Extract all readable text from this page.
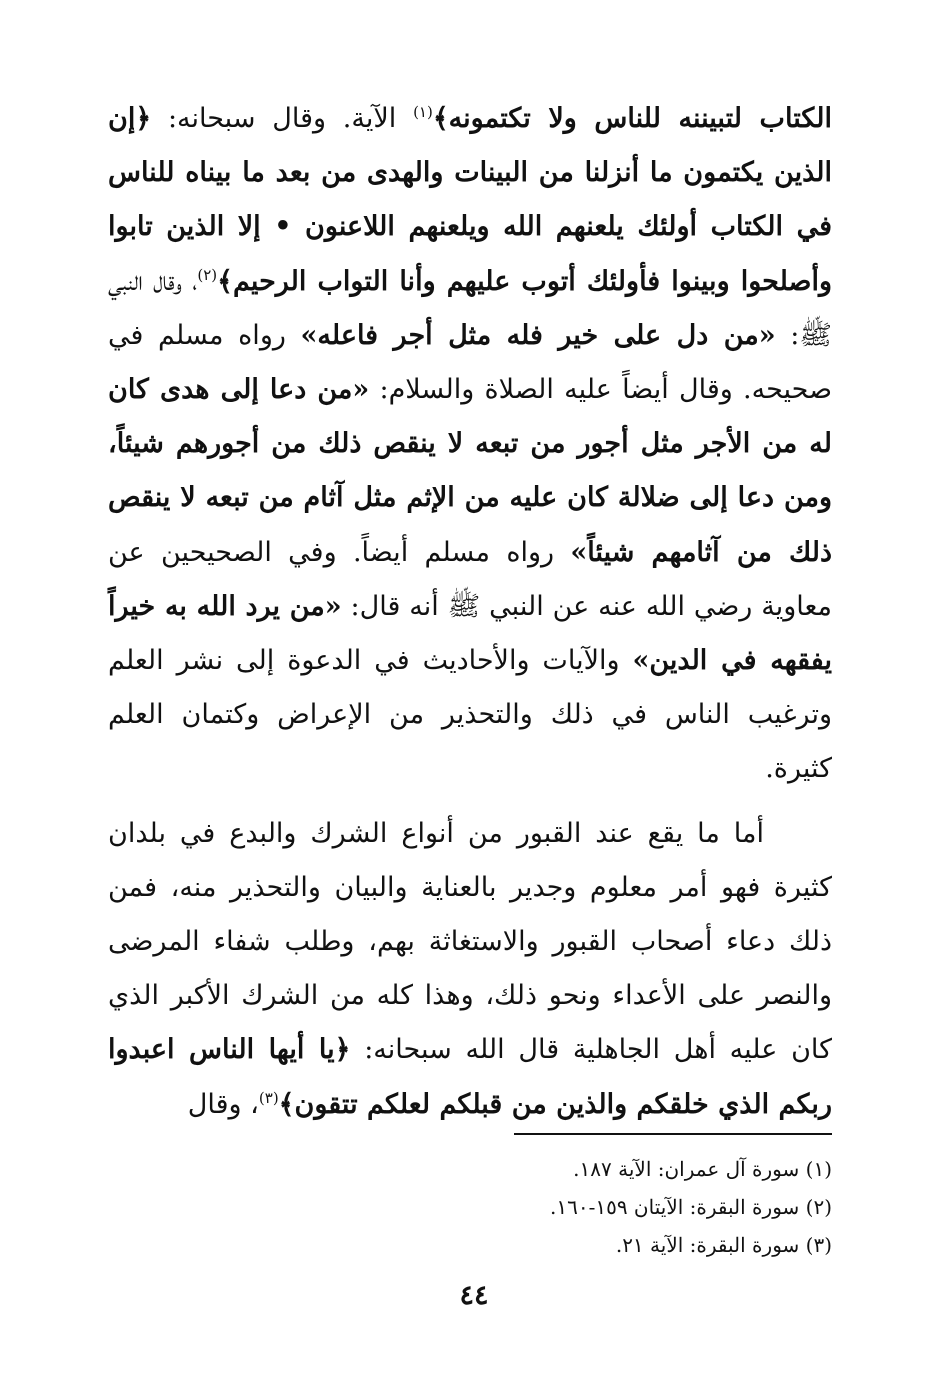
الكتاب لتبيننه للناس ولا تكتمونه﴾$^{(١)}$ الآية. وقال سبحانه: ﴿إن الذين يكتمون ما أنزلنا من البينات والهدى من بعد ما بيناه للناس في الكتاب أولئك يلعنهم الله ويلعنهم اللاعنون • إلا الذين تابوا وأصلحوا وبينوا فأولئك أتوب عليهم وأنا التواب الرحيم﴾$^{(٢)}$، وقال النبي ﷺ: «من دل على خير فله مثل أجر فاعله» رواه مسلم في صحيحه. وقال أيضاً عليه الصلاة والسلام: «من دعا إلى هدى كان له من الأجر مثل أجور من تبعه لا ينقص ذلك من أجورهم شيئاً، ومن دعا إلى ضلالة كان عليه من الإثم مثل آثام من تبعه لا ينقص ذلك من آثامهم شيئاً» رواه مسلم أيضاً. وفي الصحيحين عن معاوية رضي الله عنه عن النبي ﷺ أنه قال: «من يرد الله به خيراً يفقهه في الدين» والآيات والأحاديث في الدعوة إلى نشر العلم وترغيب الناس في ذلك والتحذير من الإعراض وكتمان العلم كثيرة.

أما ما يقع عند القبور من أنواع الشرك والبدع في بلدان كثيرة فهو أمر معلوم وجدير بالعناية والبيان والتحذير منه، فمن ذلك دعاء أصحاب القبور والاستغاثة بهم، وطلب شفاء المرضى والنصر على الأعداء ونحو ذلك، وهذا كله من الشرك الأكبر الذي كان عليه أهل الجاهلية قال الله سبحانه: ﴿يا أيها الناس اعبدوا ربكم الذي خلقكم والذين من قبلكم لعلكم تتقون﴾$^{(٣)}$، وقال

(١) سورة آل عمران: الآية ١٨٧.

(٢) سورة البقرة: الآيتان ١٥٩-١٦٠.

(٣) سورة البقرة: الآية ٢١.

٤٤
